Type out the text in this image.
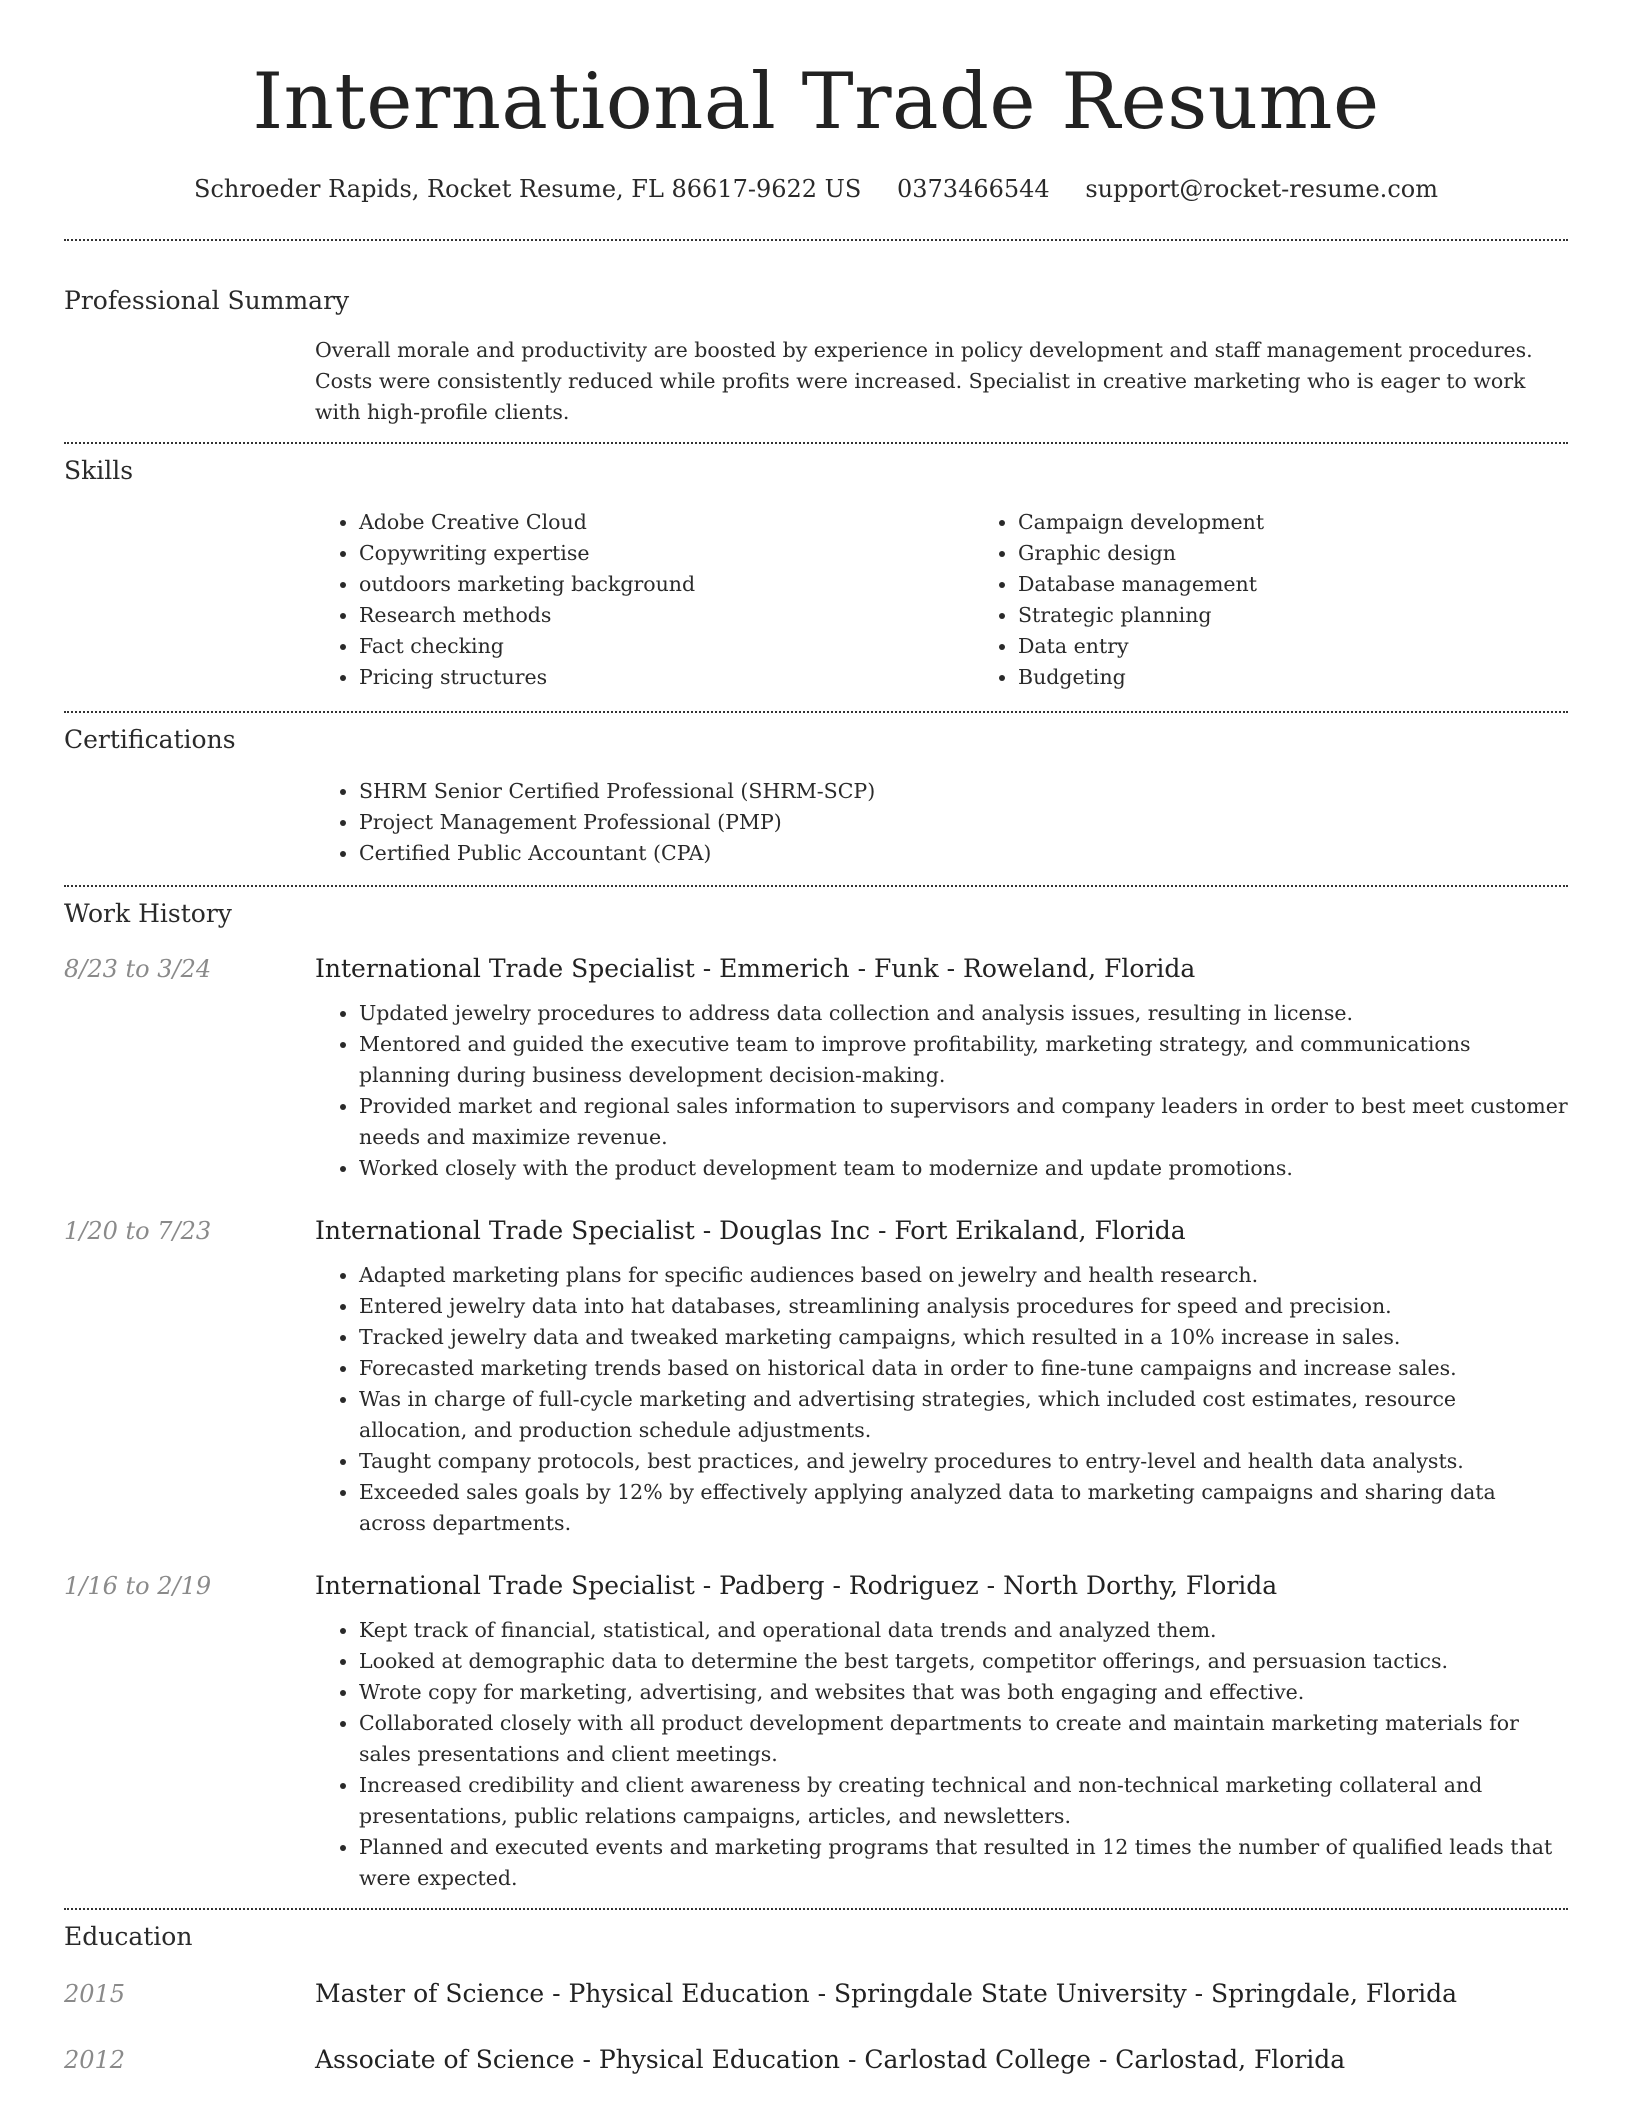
International Trade Resume
Schroeder Rapids, Rocket Resume, FL 86617-9622 US 0373466544 support@rocket-resume.com
Professional Summary
Overall morale and productivity are boosted by experience in policy development and staff management procedures. Costs were consistently reduced while profits were increased. Specialist in creative marketing who is eager to work with high-profile clients.
Skills
• Adobe Creative Cloud
• Copywriting expertise
• outdoors marketing background
• Research methods
• Fact checking
• Pricing structures
• Campaign development
• Graphic design
• Database management
• Strategic planning
• Data entry
• Budgeting
Certifications
• SHRM Senior Certified Professional (SHRM-SCP)
• Project Management Professional (PMP)
• Certified Public Accountant (CPA)
Work History
8/23 to 3/24	International Trade Specialist - Emmerich - Funk - Roweland, Florida
• Updated jewelry procedures to address data collection and analysis issues, resulting in license.
• Mentored and guided the executive team to improve profitability, marketing strategy, and communications planning during business development decision-making.
• Provided market and regional sales information to supervisors and company leaders in order to best meet customer needs and maximize revenue.
• Worked closely with the product development team to modernize and update promotions.
1/20 to 7/23	International Trade Specialist - Douglas Inc - Fort Erikaland, Florida
• Adapted marketing plans for specific audiences based on jewelry and health research.
• Entered jewelry data into hat databases, streamlining analysis procedures for speed and precision.
• Tracked jewelry data and tweaked marketing campaigns, which resulted in a 10% increase in sales.
• Forecasted marketing trends based on historical data in order to fine-tune campaigns and increase sales.
• Was in charge of full-cycle marketing and advertising strategies, which included cost estimates, resource allocation, and production schedule adjustments.
• Taught company protocols, best practices, and jewelry procedures to entry-level and health data analysts.
• Exceeded sales goals by 12% by effectively applying analyzed data to marketing campaigns and sharing data across departments.
1/16 to 2/19	International Trade Specialist - Padberg - Rodriguez - North Dorthy, Florida
• Kept track of financial, statistical, and operational data trends and analyzed them.
• Looked at demographic data to determine the best targets, competitor offerings, and persuasion tactics.
• Wrote copy for marketing, advertising, and websites that was both engaging and effective.
• Collaborated closely with all product development departments to create and maintain marketing materials for sales presentations and client meetings.
• Increased credibility and client awareness by creating technical and non-technical marketing collateral and presentations, public relations campaigns, articles, and newsletters.
• Planned and executed events and marketing programs that resulted in 12 times the number of qualified leads that were expected.
Education
2015	Master of Science - Physical Education - Springdale State University - Springdale, Florida
2012	Associate of Science - Physical Education - Carlostad College - Carlostad, Florida
